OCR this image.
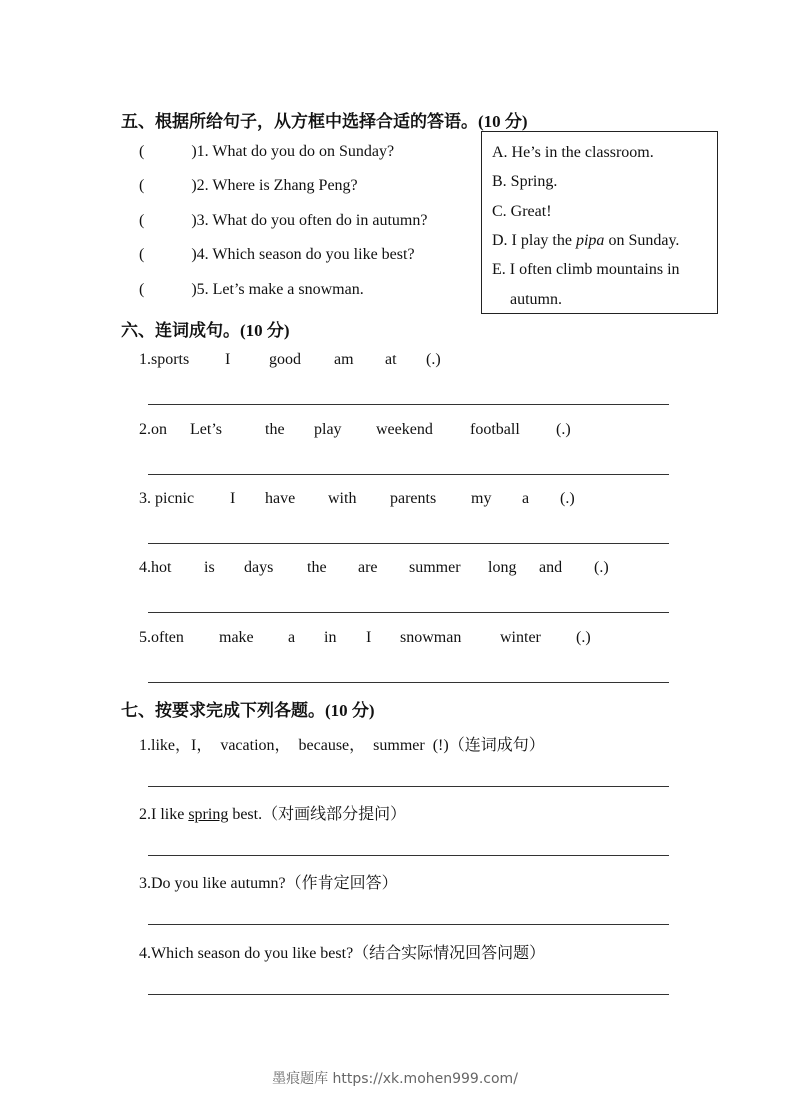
五、根据所给句子，从方框中选择合适的答语。(10 分)
(	)1. What do you do on Sunday?
(	)2. Where is Zhang Peng?
(	)3. What do you often do in autumn?
(	)4. Which season do you like best?
(	)5. Let’s make a snowman.
A. He’s in the classroom.
B. Spring.
C. Great!
D. I play the pipa on Sunday.
E. I often climb mountains in
autumn.
六、连词成句。(10 分)
1.sports I good am at (.)
2.on Let’s	the play weekend football (.)
3. picnic I have with parents my a (.)
4.hot is days the are summer long and (.)
5.often make a in I snowman winter (.)
七、按要求完成下列各题。(10 分)
1.like，I， vacation， because， summer (!)（连词成句）
2.I like spring best.（对画线部分提问）
3.Do you like autumn?（作肯定回答）
4.Which season do you like best?（结合实际情况回答问题）
墨痕题库 https://xk.mohen999.com/
